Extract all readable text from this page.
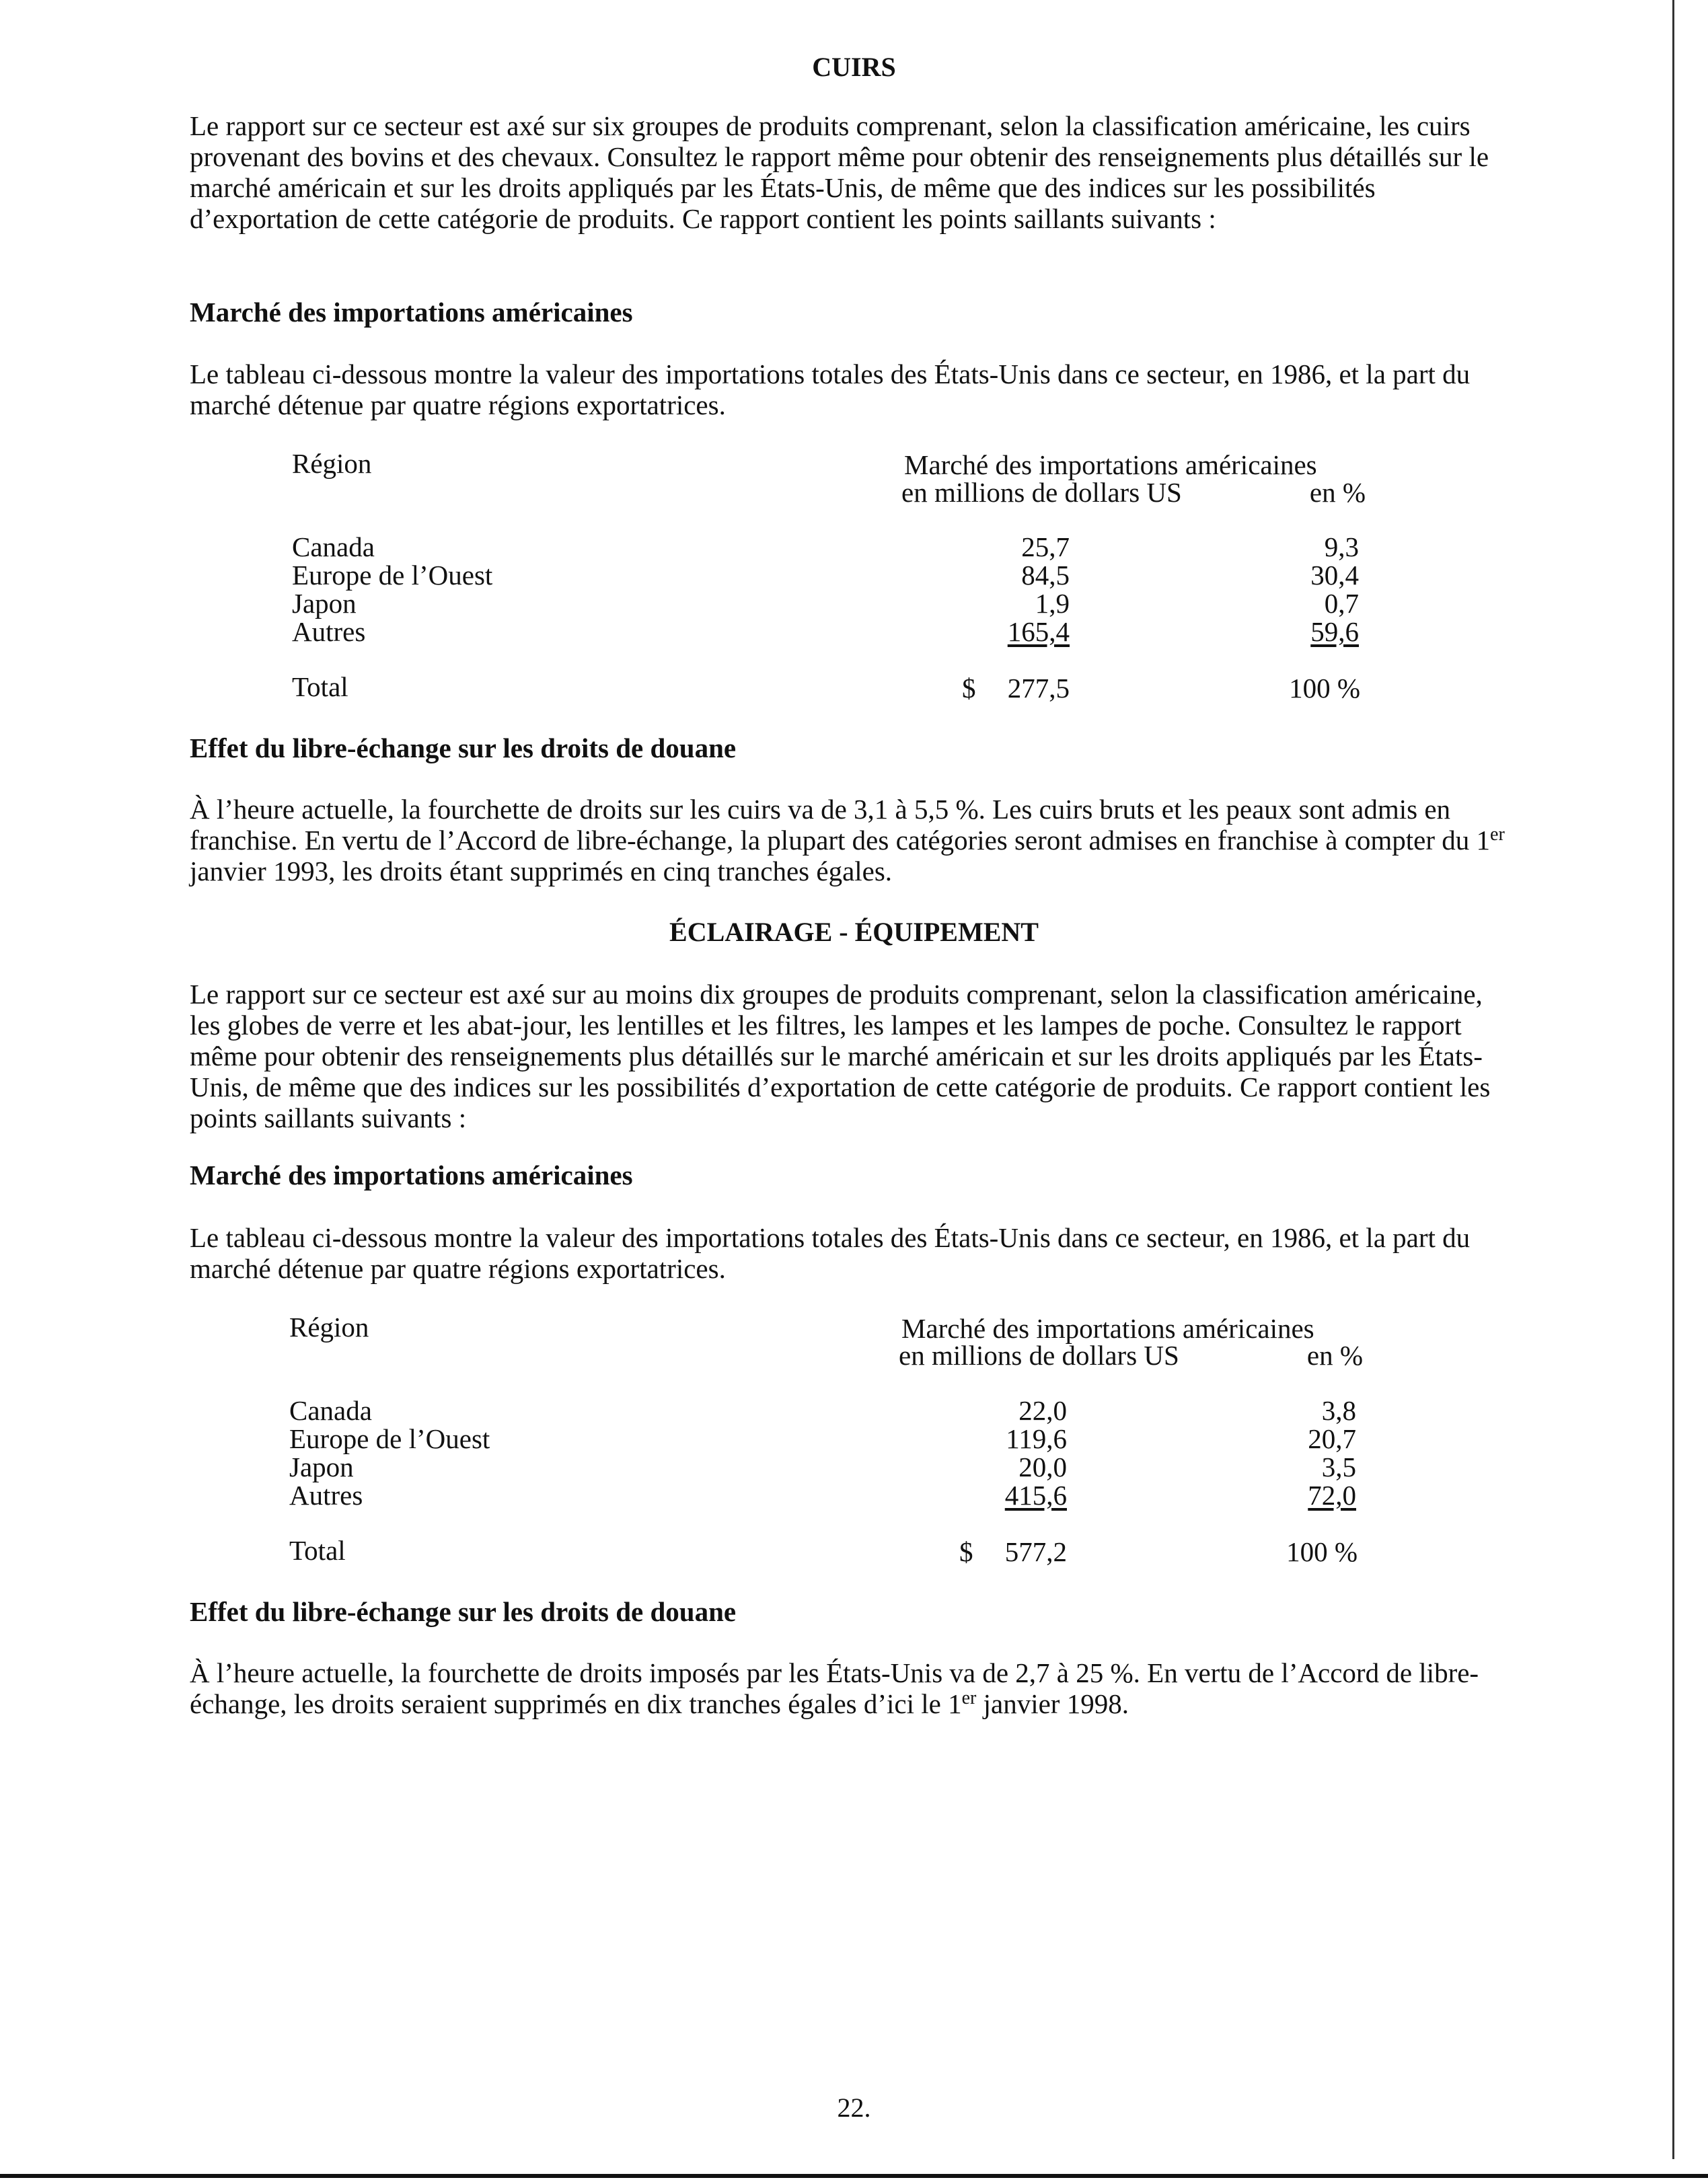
CUIRS

Le rapport sur ce secteur est axé sur six groupes de produits comprenant, selon la classification américaine, les cuirs provenant des bovins et des chevaux. Consultez le rapport même pour obtenir des renseignements plus détaillés sur le marché américain et sur les droits appliqués par les États-Unis, de même que des indices sur les possibilités d’exportation de cette catégorie de produits. Ce rapport contient les points saillants suivants :

Marché des importations américaines

Le tableau ci-dessous montre la valeur des importations totales des États-Unis dans ce secteur, en 1986, et la part du marché détenue par quatre régions exportatrices.

Région	Marché des importations américaines
en millions de dollars US	en %
Canada	25,7	9,3
Europe de l’Ouest	84,5	30,4
Japon	1,9	0,7
Autres	165,4	59,6
Total	$	277,5	100 %
Effet du libre-échange sur les droits de douane

À l’heure actuelle, la fourchette de droits sur les cuirs va de 3,1 à 5,5 %. Les cuirs bruts et les peaux sont admis en franchise. En vertu de l’Accord de libre-échange, la plupart des catégories seront admises en franchise à compter du 1er janvier 1993, les droits étant supprimés en cinq tranches égales.

ÉCLAIRAGE - ÉQUIPEMENT

Le rapport sur ce secteur est axé sur au moins dix groupes de produits comprenant, selon la classification américaine, les globes de verre et les abat-jour, les lentilles et les filtres, les lampes et les lampes de poche. Consultez le rapport même pour obtenir des renseignements plus détaillés sur le marché américain et sur les droits appliqués par les États-Unis, de même que des indices sur les possibilités d’exportation de cette catégorie de produits. Ce rapport contient les points saillants suivants :

Marché des importations américaines

Le tableau ci-dessous montre la valeur des importations totales des États-Unis dans ce secteur, en 1986, et la part du marché détenue par quatre régions exportatrices.

Région	Marché des importations américaines
en millions de dollars US	en %
Canada	22,0	3,8
Europe de l’Ouest	119,6	20,7
Japon	20,0	3,5
Autres	415,6	72,0
Total	$	577,2	100 %
Effet du libre-échange sur les droits de douane

À l’heure actuelle, la fourchette de droits imposés par les États-Unis va de 2,7 à 25 %. En vertu de l’Accord de libre-échange, les droits seraient supprimés en dix tranches égales d’ici le 1er janvier 1998.

22.
